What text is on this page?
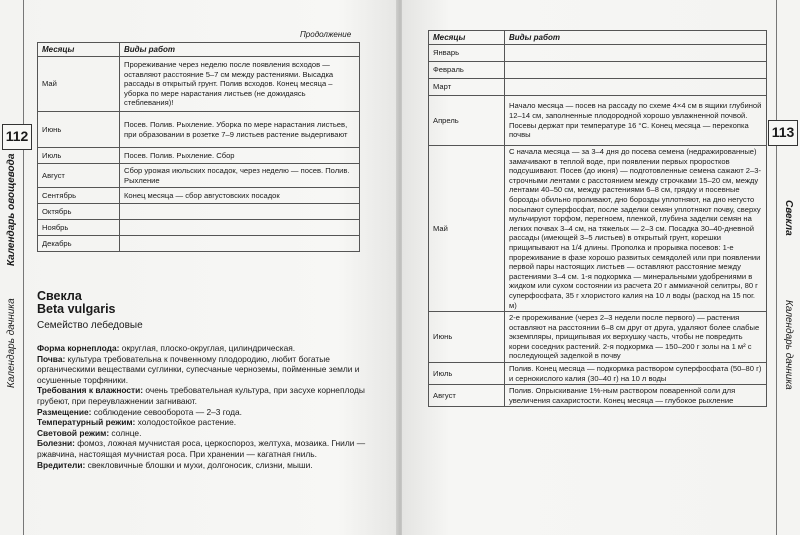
Календарь овощевода
Календарь дачника
112
Продолжение
Месяцы	Виды работ
Май	Прореживание через неделю после появления всходов — оставляют расстояние 5–7 см между растениями. Высадка рассады в открытый грунт. Полив всходов. Конец месяца – уборка по мере нарастания листьев (не дожидаясь стеблевания)!
Июнь	Посев. Полив. Рыхление. Уборка по мере нарастания листьев, при образовании в розетке 7–9 листьев растение выдергивают
Июль	Посев. Полив. Рыхление. Сбор
Август	Сбор урожая июльских посадок, через неделю — посев. Полив. Рыхление
Сентябрь	Конец месяца — сбор августовских посадок
Октябрь	
Ноябрь	
Декабрь	
Свекла
Beta vulgaris
Семейство лебедовые

Форма корнеплода: округлая, плоско-округлая, цилиндрическая.

Почва: культура требовательна к почвенному плодородию, любит богатые органическими веществами суглинки, супесчаные черноземы, пойменные земли и осушенные торфяники.

Требования к влажности: очень требовательная культура, при засухе корнеплоды грубеют, при переувлажнении загнивают.

Размещение: соблюдение севооборота — 2–3 года.

Температурный режим: холодостойкое растение.

Световой режим: солнце.

Болезни: фомоз, ложная мучнистая роса, церкоспороз, желтуха, мозаика. Гнили — ржавчина, настоящая мучнистая роса. При хранении — кагатная гниль.

Вредители: свекловичные блошки и мухи, долгоносик, слизни, мыши.

Свекла
Календарь дачника
113
Месяцы	Виды работ
Январь	
Февраль	
Март	
Апрель	Начало месяца — посев на рассаду по схеме 4×4 см в ящики глубиной 12–14 см, заполненные плодородной хорошо увлажненной почвой. Посевы держат при температуре 16 °С. Конец месяца — перекопка почвы
Май	С начала месяца — за 3–4 дня до посева семена (недражированные) замачивают в теплой воде, при появлении первых проростков подсушивают. Посев (до июня) — подготовленные семена сажают 2–3-строчными лентами с расстоянием между строчками 15–20 см, между лентами 40–50 см, между растениями 6–8 см, грядку и посевные борозды обильно проливают, дно борозды уплотняют, на дно негусто посыпают суперфосфат, после заделки семян уплотняют почву, сверху мульчируют торфом, перегноем, пленкой, глубина заделки семян на легких почвах 3–4 см, на тяжелых — 2–3 см. Посадка 30–40-дневной рассады (имеющей 3–5 листьев) в открытый грунт, корешки прищипывают на 1/4 длины. Прополка и прорывка посевов: 1-е прореживание в фазе хорошо развитых семядолей или при появлении первой пары настоящих листьев — оставляют расстояние между растениями 3–4 см. 1-я подкормка — минеральными удобрениями в жидком или сухом состоянии из расчета 20 г аммиачной селитры, 80 г суперфосфата, 35 г хлористого калия на 10 л воды (расход на 15 пог. м)
Июнь	2-е прореживание (через 2–3 недели после первого) — растения оставляют на расстоянии 6–8 см друг от друга, удаляют более слабые экземпляры, прищипывая их верхушку часть, чтобы не повредить корни соседних растений. 2-я подкормка — 150–200 г золы на 1 м² с последующей заделкой в почву
Июль	Полив. Конец месяца — подкормка раствором суперфосфата (50–80 г) и сернокислого калия (30–40 г) на 10 л воды
Август	Полив. Опрыскивание 1%-ным раствором поваренной соли для увеличения сахаристости. Конец месяца — глубокое рыхление
